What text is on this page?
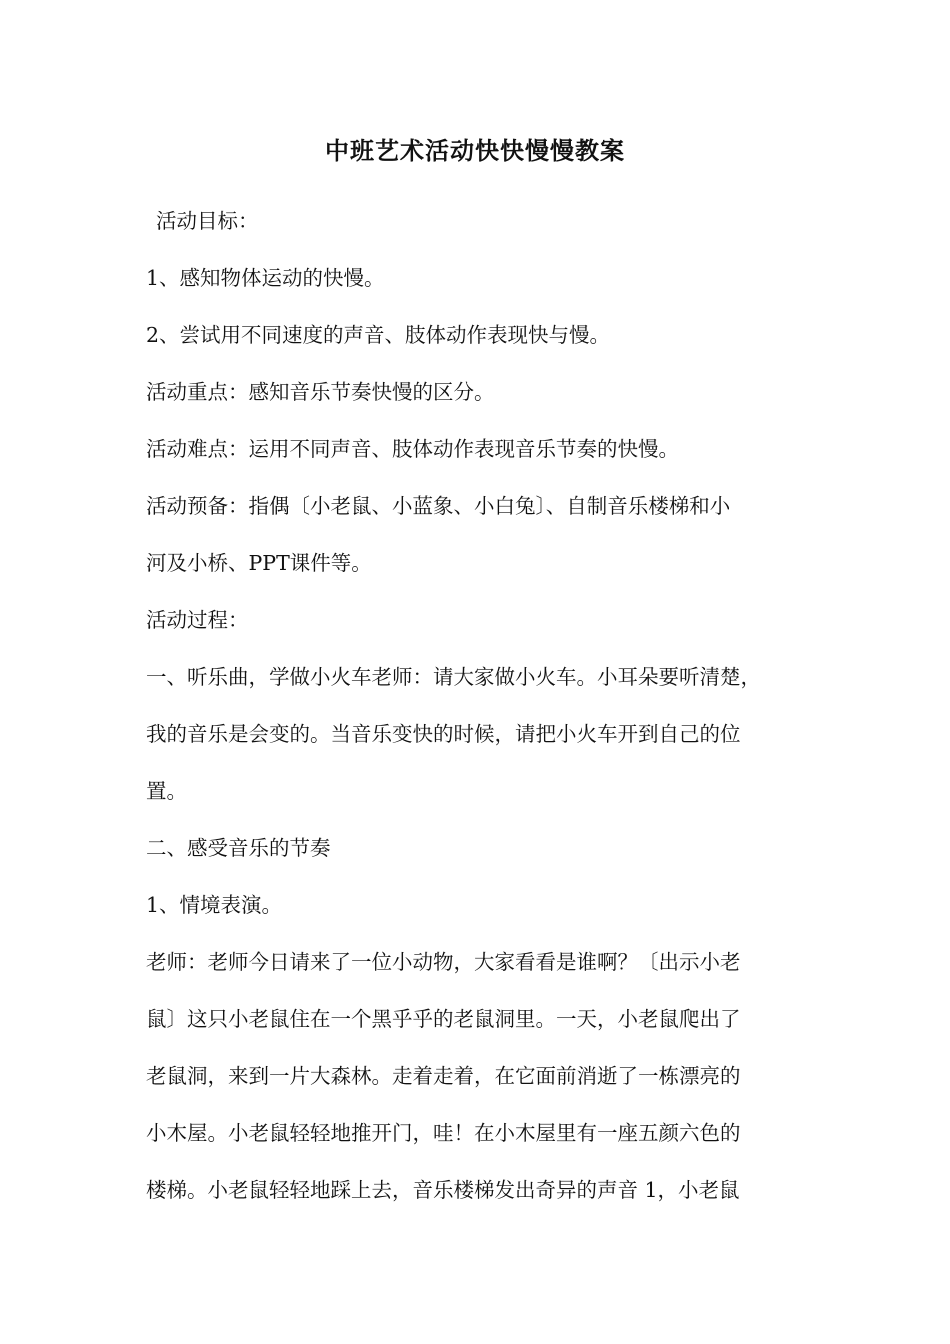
中班艺术活动快快慢慢教案
活动目标：
1、感知物体运动的快慢。
2、尝试用不同速度的声音、肢体动作表现快与慢。
活动重点：感知音乐节奏快慢的区分。
活动难点：运用不同声音、肢体动作表现音乐节奏的快慢。
活动预备：指偶〔小老鼠、小蓝象、小白兔〕、自制音乐楼梯和小
河及小桥、PPT课件等。
活动过程：
一、听乐曲，学做小火车老师：请大家做小火车。小耳朵要听清楚，
我的音乐是会变的。当音乐变快的时候，请把小火车开到自己的位
置。
二、感受音乐的节奏
1、情境表演。
老师：老师今日请来了一位小动物，大家看看是谁啊？〔出示小老
鼠〕这只小老鼠住在一个黑乎乎的老鼠洞里。一天，小老鼠爬出了
老鼠洞，来到一片大森林。走着走着，在它面前消逝了一栋漂亮的
小木屋。小老鼠轻轻地推开门，哇！在小木屋里有一座五颜六色的
楼梯。小老鼠轻轻地踩上去，音乐楼梯发出奇异的声音 1，小老鼠
